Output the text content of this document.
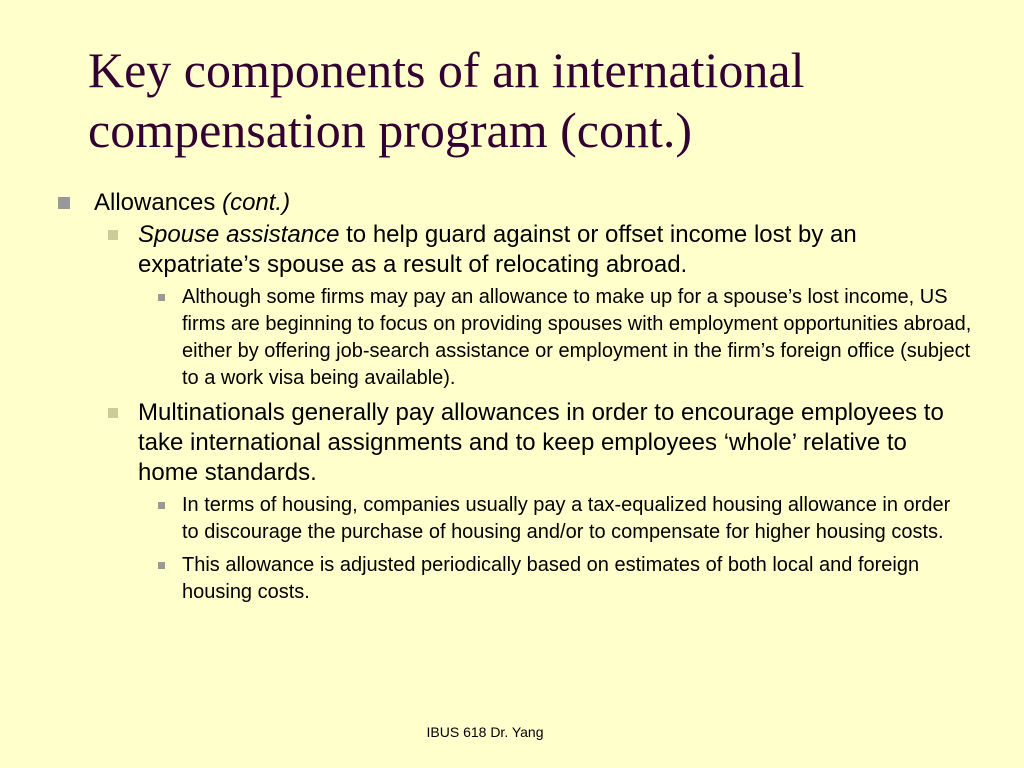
Key components of an international
compensation program (cont.)
Allowances (cont.)
Spouse assistance to help guard against or offset income lost by an expatriate’s spouse as a result of relocating abroad.
Although some firms may pay an allowance to make up for a spouse’s lost income, US firms are beginning to focus on providing spouses with employment opportunities abroad, either by offering job-search assistance or employment in the firm’s foreign office (subject to a work visa being available).
Multinationals generally pay allowances in order to encourage employees to take international assignments and to keep employees ‘whole’ relative to home standards.
In terms of housing, companies usually pay a tax-equalized housing allowance in order to discourage the purchase of housing and/or to compensate for higher housing costs.
This allowance is adjusted periodically based on estimates of both local and foreign housing costs.
IBUS 618 Dr. Yang
